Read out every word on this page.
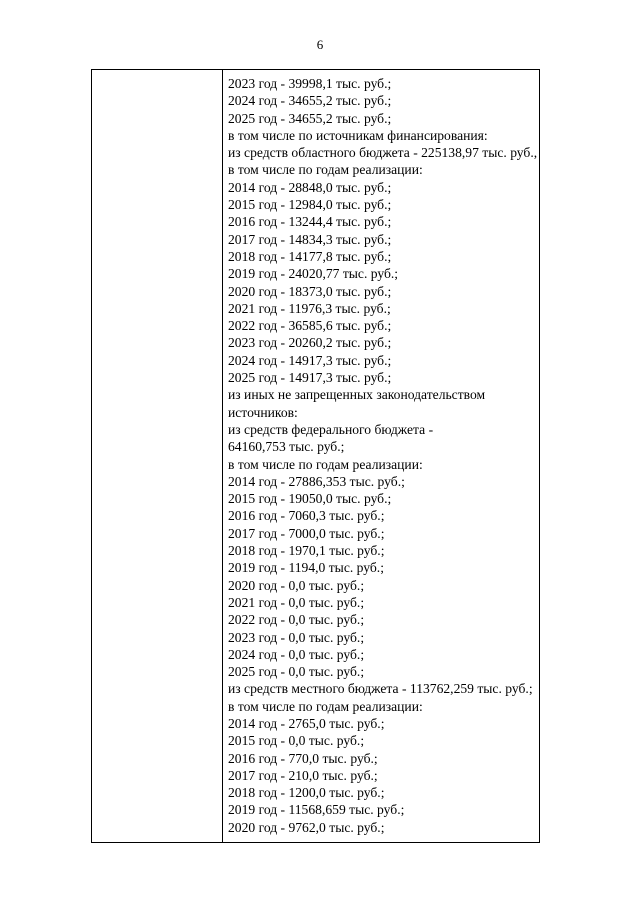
6

2023 год - 39998,1 тыс. руб.;
2024 год - 34655,2 тыс. руб.;
2025 год - 34655,2 тыс. руб.;
в том числе по источникам финансирования:
из средств областного бюджета - 225138,97 тыс. руб.,
в том числе по годам реализации:
2014 год - 28848,0 тыс. руб.;
2015 год - 12984,0 тыс. руб.;
2016 год - 13244,4 тыс. руб.;
2017 год - 14834,3 тыс. руб.;
2018 год - 14177,8 тыс. руб.;
2019 год - 24020,77 тыс. руб.;
2020 год - 18373,0 тыс. руб.;
2021 год - 11976,3 тыс. руб.;
2022 год - 36585,6 тыс. руб.;
2023 год - 20260,2 тыс. руб.;
2024 год - 14917,3 тыс. руб.;
2025 год - 14917,3 тыс. руб.;
из иных не запрещенных законодательством
источников:
из средств федерального бюджета -
64160,753 тыс. руб.;
в том числе по годам реализации:
2014 год - 27886,353 тыс. руб.;
2015 год - 19050,0 тыс. руб.;
2016 год - 7060,3 тыс. руб.;
2017 год - 7000,0 тыс. руб.;
2018 год - 1970,1 тыс. руб.;
2019 год - 1194,0 тыс. руб.;
2020 год - 0,0 тыс. руб.;
2021 год - 0,0 тыс. руб.;
2022 год - 0,0 тыс. руб.;
2023 год - 0,0 тыс. руб.;
2024 год - 0,0 тыс. руб.;
2025 год - 0,0 тыс. руб.;
из средств местного бюджета - 113762,259 тыс. руб.;
в том числе по годам реализации:
2014 год - 2765,0 тыс. руб.;
2015 год - 0,0 тыс. руб.;
2016 год - 770,0 тыс. руб.;
2017 год - 210,0 тыс. руб.;
2018 год - 1200,0 тыс. руб.;
2019 год - 11568,659 тыс. руб.;
2020 год - 9762,0 тыс. руб.;
